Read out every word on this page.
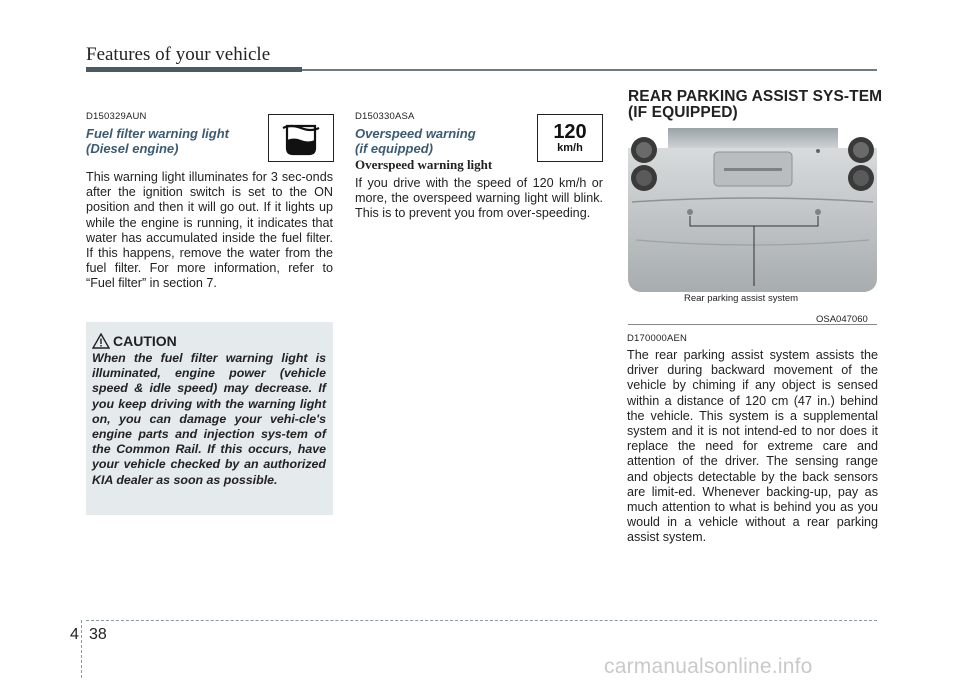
Features of your vehicle
D150329AUN
Fuel filter warning light
(Diesel engine)
This warning light illuminates for 3 sec-onds after the ignition switch is set to the ON position and then it will go out. If it lights up while the engine is running, it indicates that water has accumulated inside the fuel filter. If this happens, remove the water from the fuel filter. For more information, refer to “Fuel filter” in section 7.
CAUTION
When the fuel filter warning light is illuminated, engine power (vehicle speed & idle speed) may decrease. If you keep driving with the warning light on, you can damage your vehi-cle's engine parts and injection sys-tem of the Common Rail. If this occurs, have your vehicle checked by an authorized KIA dealer as soon as possible.
D150330ASA
Overspeed warning
(if equipped)
120
km/h
Overspeed warning light
If you drive with the speed of 120 km/h or more, the overspeed warning light will blink. This is to prevent you from over-speeding.
REAR PARKING ASSIST SYS-TEM (IF EQUIPPED)
Rear parking assist system
OSA047060
D170000AEN
The rear parking assist system assists the driver during backward movement of the vehicle by chiming if any object is sensed within a distance of 120 cm (47 in.) behind the vehicle. This system is a supplemental system and it is not intend-ed to nor does it replace the need for extreme care and attention of the driver. The sensing range and objects detectable by the back sensors are limit-ed. Whenever backing-up, pay as much attention to what is behind you as you would in a vehicle without a rear parking assist system.
4 38
carmanualsonline.info
